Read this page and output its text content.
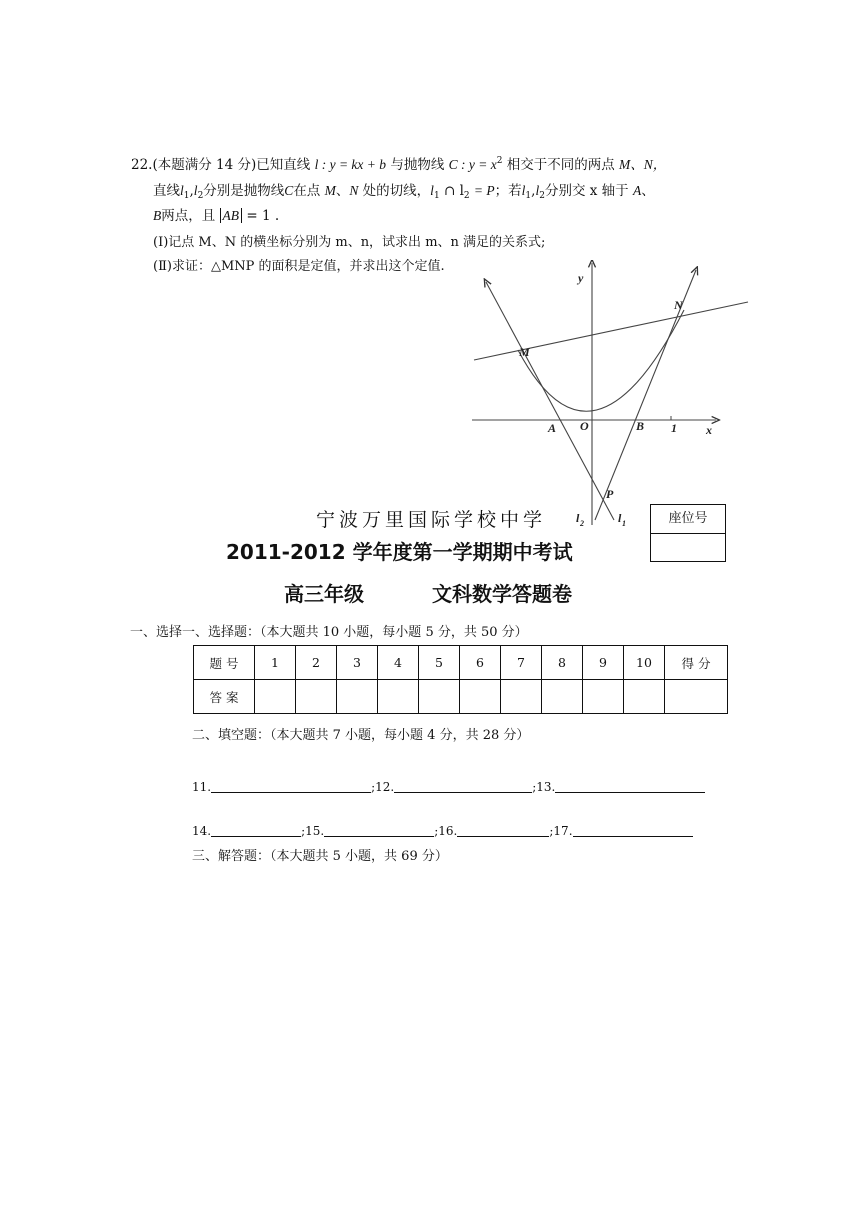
22.(本题满分 14 分)已知直线 l : y = kx + b 与抛物线 C : $y = x^2$ 相交于不同的两点 M、N，
直线$l_1,l_2$分别是抛物线C在点 M、N 处的切线，$l_1$ ∩ $l_2 = P$；若$l_1,l_2$分别交 x 轴于 A、
B两点，且 AB = 1 .
(Ⅰ)记点 M、N 的横坐标分别为 m、n，试求出 m、n 满足的关系式;
(Ⅱ)求证：△MNP 的面积是定值，并求出这个定值.
y
x
N
M
A O	B 1
P
l 2	l 1
宁波万里国际学校中学
2011-2012 学年度第一学期期中考试
高三年级	文科数学答题卷
座位号
一、选择一、选择题：（本大题共 10 小题，每小题 5 分，共 50 分）
题 号	1	2	3	4	5	6	7	8	9	10	得 分
答 案											
二、填空题：（本大题共 7 小题，每小题 4 分，共 28 分）
11.	;12.	;13.
14.	;15.	;16.	;17.
三、解答题：（本大题共 5 小题，共 69 分）
